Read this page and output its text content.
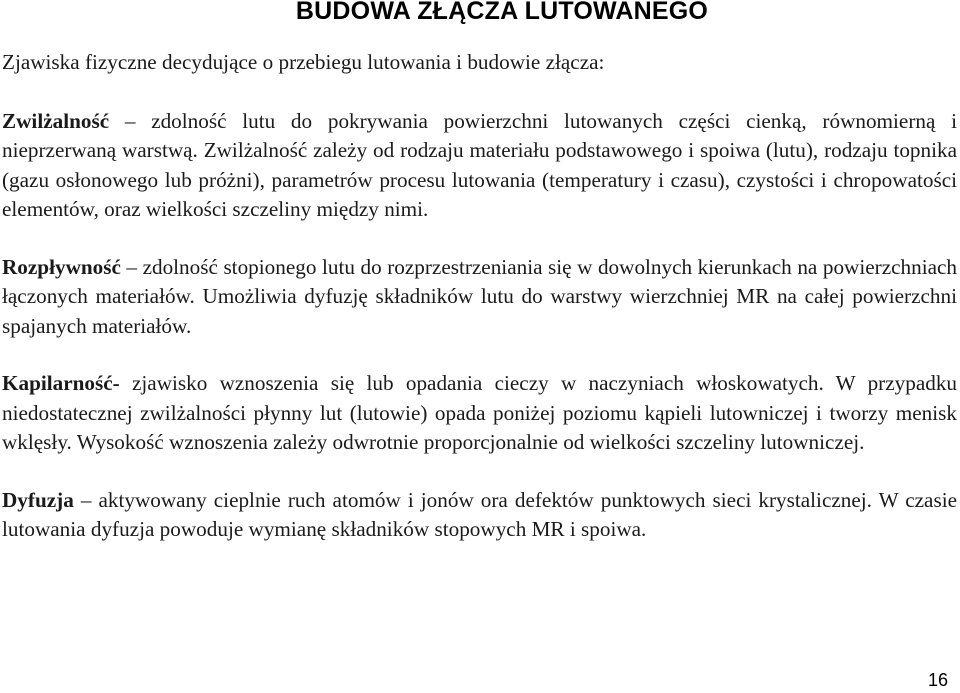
BUDOWA ZŁĄCZA LUTOWANEGO

Zjawiska fizyczne decydujące o przebiegu lutowania i budowie złącza:

Zwilżalność – zdolność lutu do pokrywania powierzchni lutowanych części cienką, równomierną i nieprzerwaną warstwą. Zwilżalność zależy od rodzaju materiału podstawowego i spoiwa (lutu), rodzaju topnika (gazu osłonowego lub próżni), parametrów procesu lutowania (temperatury i czasu), czystości i chropowatości elementów, oraz wielkości szczeliny między nimi.

Rozpływność – zdolność stopionego lutu do rozprzestrzeniania się w dowolnych kierunkach na powierzchniach łączonych materiałów. Umożliwia dyfuzję składników lutu do warstwy wierzchniej MR na całej powierzchni spajanych materiałów.

Kapilarność- zjawisko wznoszenia się lub opadania cieczy w naczyniach włoskowatych. W przypadku niedostatecznej zwilżalności płynny lut (lutowie) opada poniżej poziomu kąpieli lutowniczej i tworzy menisk wklęsły. Wysokość wznoszenia zależy odwrotnie proporcjonalnie od wielkości szczeliny lutowniczej.

Dyfuzja – aktywowany cieplnie ruch atomów i jonów ora defektów punktowych sieci krystalicznej. W czasie lutowania dyfuzja powoduje wymianę składników stopowych MR i spoiwa.

16
